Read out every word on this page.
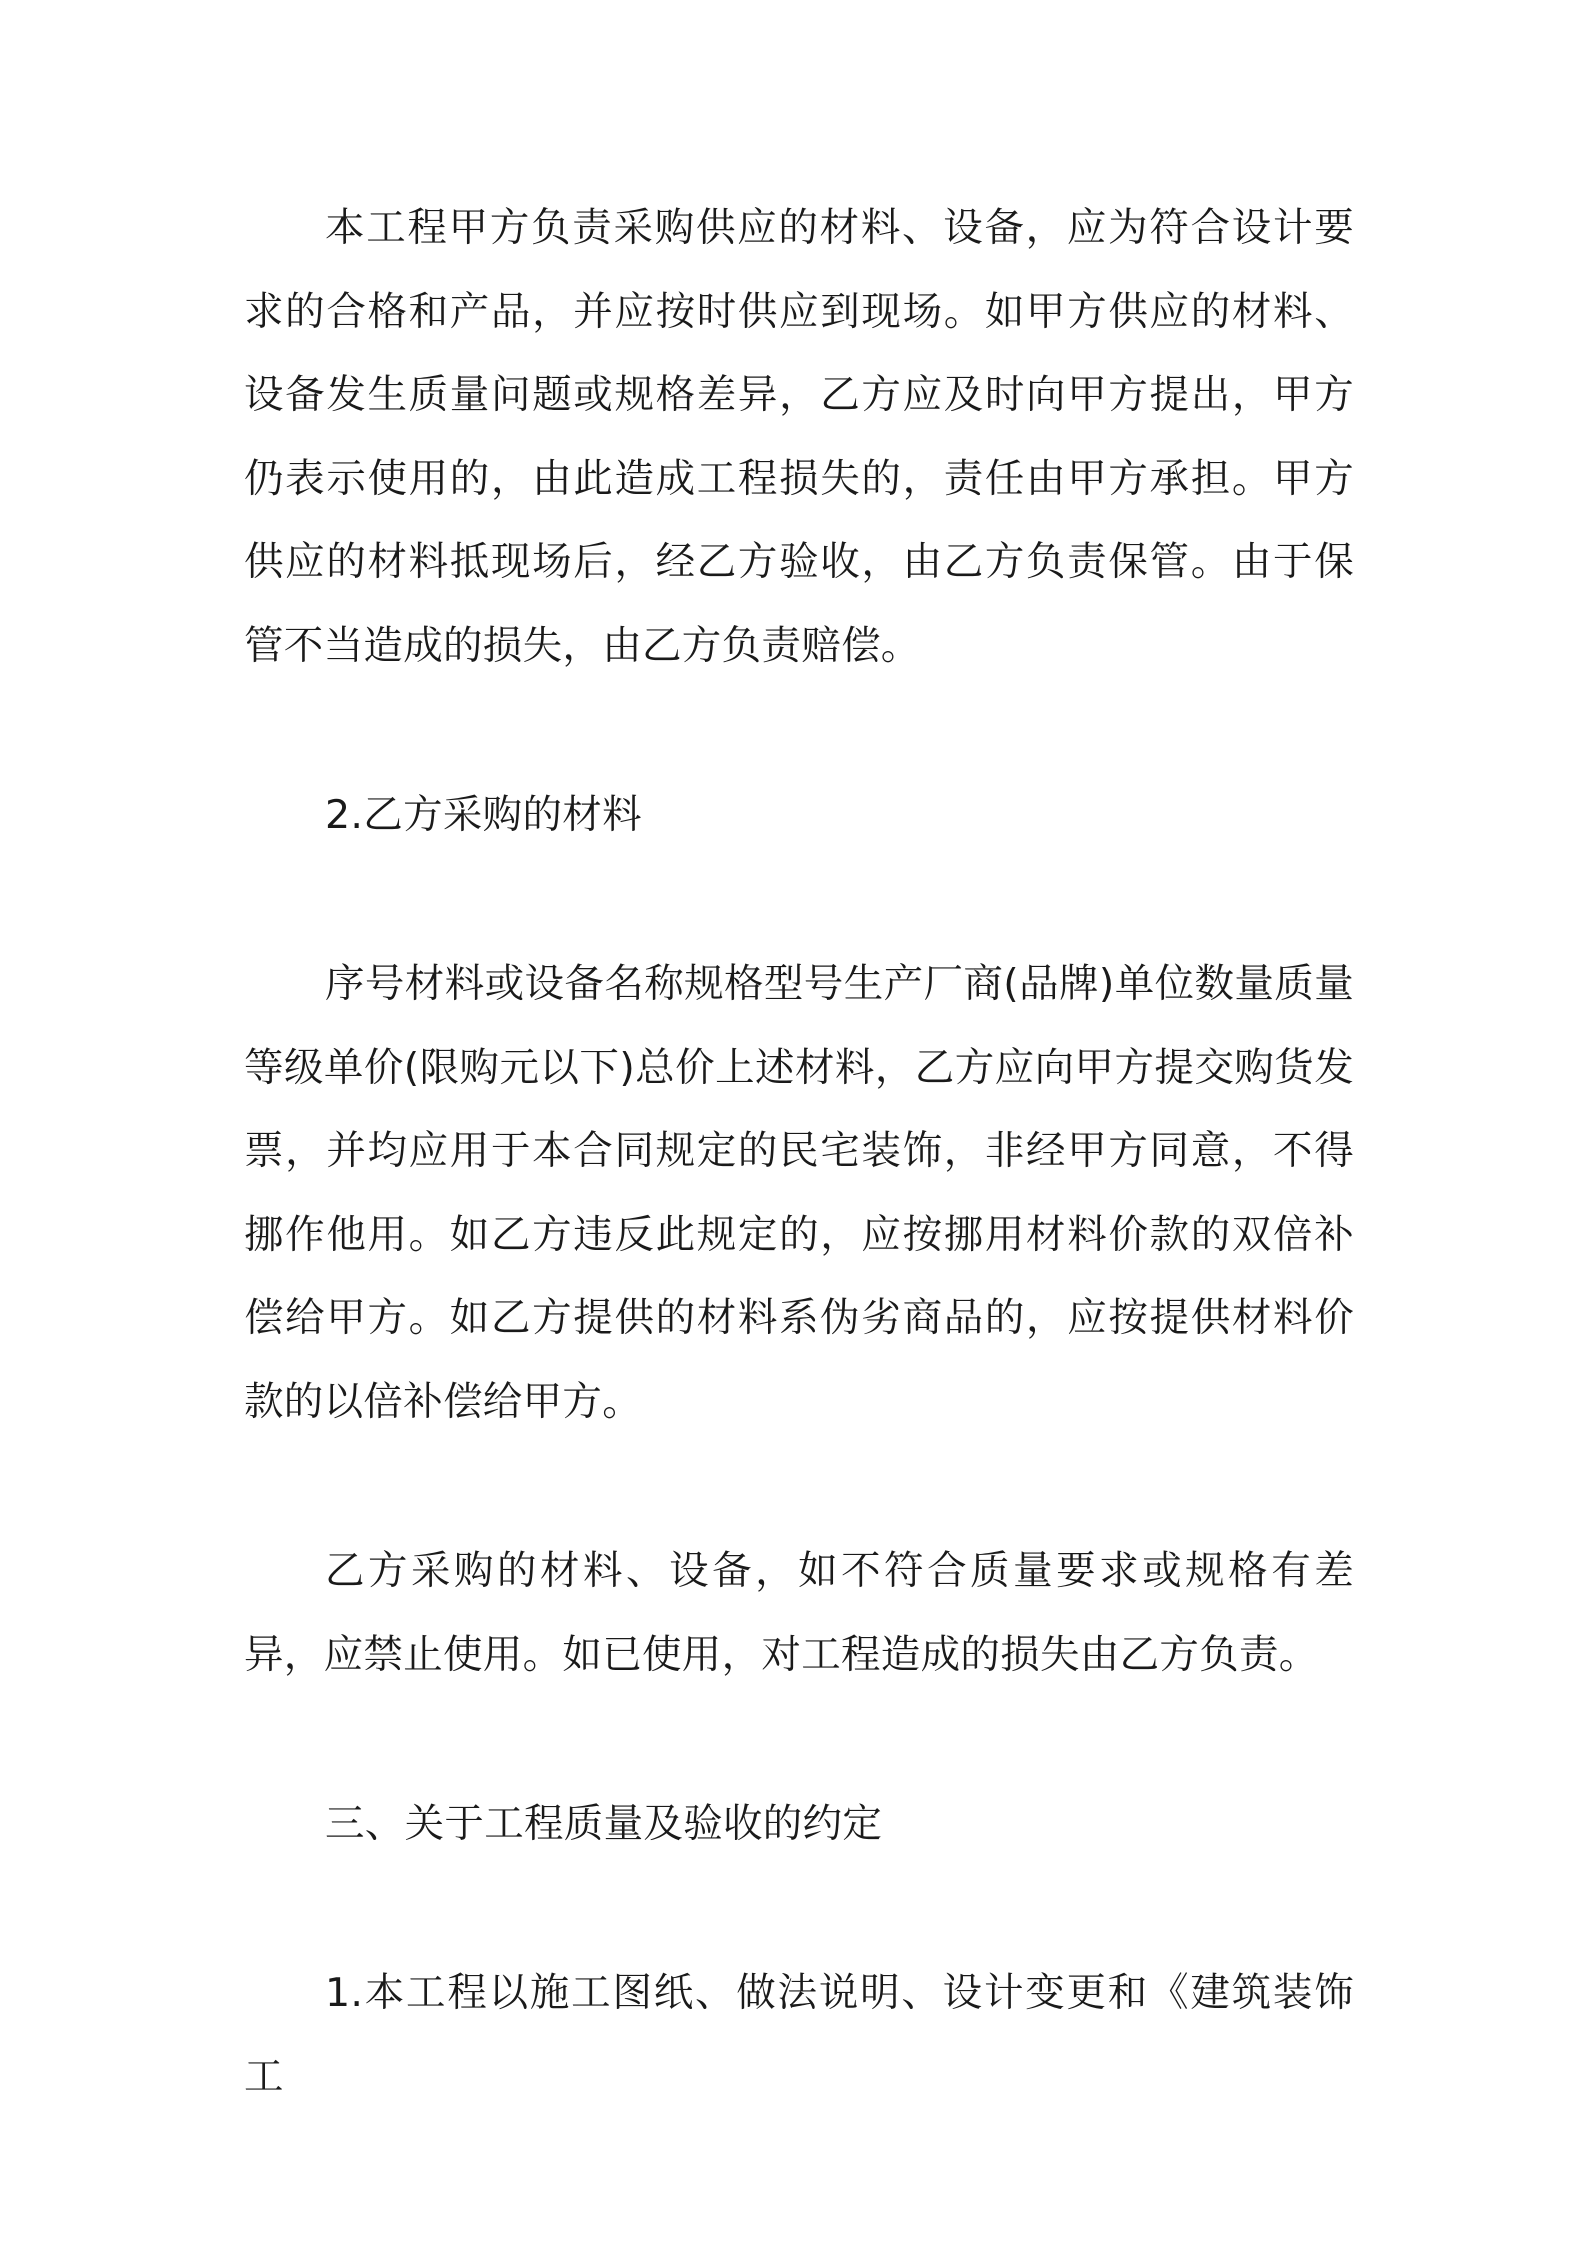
本工程甲方负责采购供应的材料、设备，应为符合设计要求的合格和产品，并应按时供应到现场。如甲方供应的材料、设备发生质量问题或规格差异，乙方应及时向甲方提出，甲方仍表示使用的，由此造成工程损失的，责任由甲方承担。甲方供应的材料抵现场后，经乙方验收，由乙方负责保管。由于保管不当造成的损失，由乙方负责赔偿。

2.乙方采购的材料

序号材料或设备名称规格型号生产厂商(品牌)单位数量质量等级单价(限购元以下)总价上述材料，乙方应向甲方提交购货发票，并均应用于本合同规定的民宅装饰，非经甲方同意，不得挪作他用。如乙方违反此规定的，应按挪用材料价款的双倍补偿给甲方。如乙方提供的材料系伪劣商品的，应按提供材料价款的以倍补偿给甲方。

乙方采购的材料、设备，如不符合质量要求或规格有差异，应禁止使用。如已使用，对工程造成的损失由乙方负责。

三、关于工程质量及验收的约定

1.本工程以施工图纸、做法说明、设计变更和《建筑装饰工
